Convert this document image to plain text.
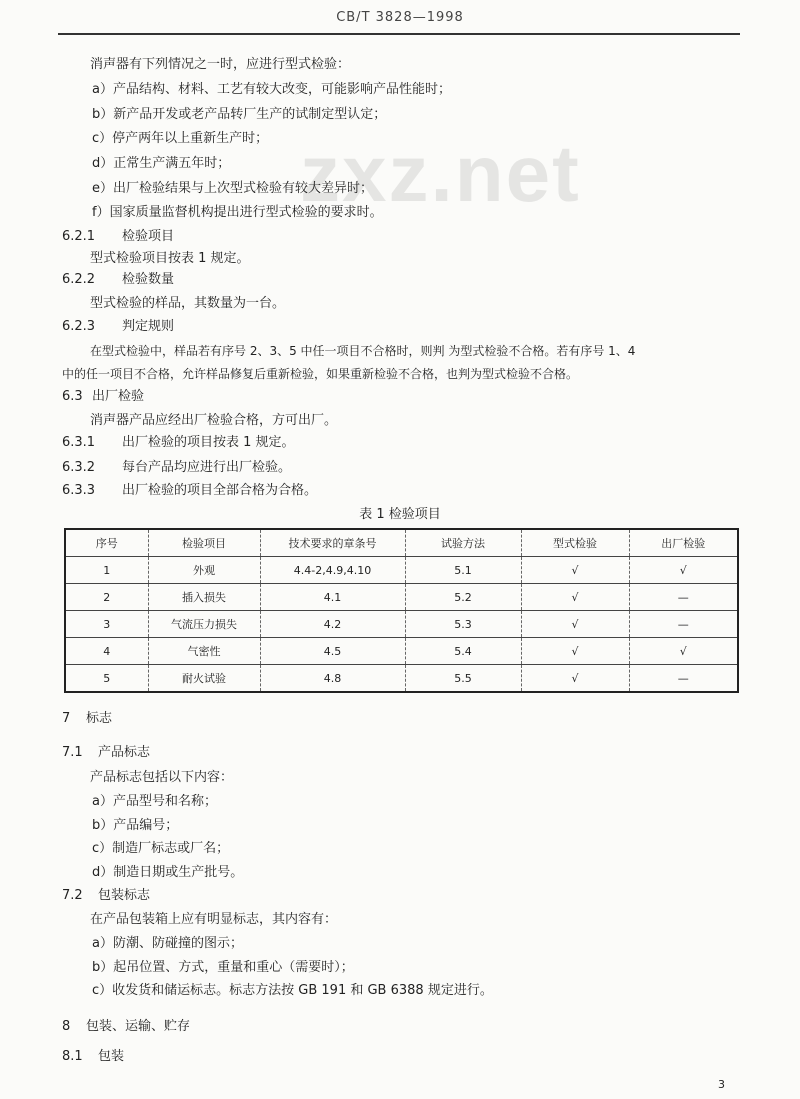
CB/T 3828—1998
zxz.net
消声器有下列情况之一时，应进行型式检验：
a）产品结构、材料、工艺有较大改变，可能影响产品性能时；
b）新产品开发或老产品转厂生产的试制定型认定；
c）停产两年以上重新生产时；
d）正常生产满五年时；
e）出厂检验结果与上次型式检验有较大差异时；
f）国家质量监督机构提出进行型式检验的要求时。
6.2.1 检验项目
型式检验项目按表 1 规定。
6.2.2 检验数量
型式检验的样品，其数量为一台。
6.2.3 判定规则
在型式检验中，样品若有序号 2、3、5 中任一项目不合格时，则判 为型式检验不合格。若有序号 1、4
中的任一项目不合格，允许样品修复后重新检验，如果重新检验不合格，也判为型式检验不合格。
6.3 出厂检验
消声器产品应经出厂检验合格，方可出厂。
6.3.1 出厂检验的项目按表 1 规定。
6.3.2 每台产品均应进行出厂检验。
6.3.3 出厂检验的项目全部合格为合格。
表 1 检验项目
序号	检验项目	技术要求的章条号	试验方法	型式检验	出厂检验
1	外观	4.4-2,4.9,4.10	5.1	√	√
2	插入损失	4.1	5.2	√	—
3	气流压力损失	4.2	5.3	√	—
4	气密性	4.5	5.4	√	√
5	耐火试验	4.8	5.5	√	—
7 标志
7.1 产品标志
产品标志包括以下内容：
a）产品型号和名称；
b）产品编号；
c）制造厂标志或厂名；
d）制造日期或生产批号。
7.2 包装标志
在产品包装箱上应有明显标志，其内容有：
a）防潮、防碰撞的图示；
b）起吊位置、方式，重量和重心（需要时）；
c）收发货和储运标志。标志方法按 GB 191 和 GB 6388 规定进行。
8 包装、运输、贮存
8.1 包装
3
